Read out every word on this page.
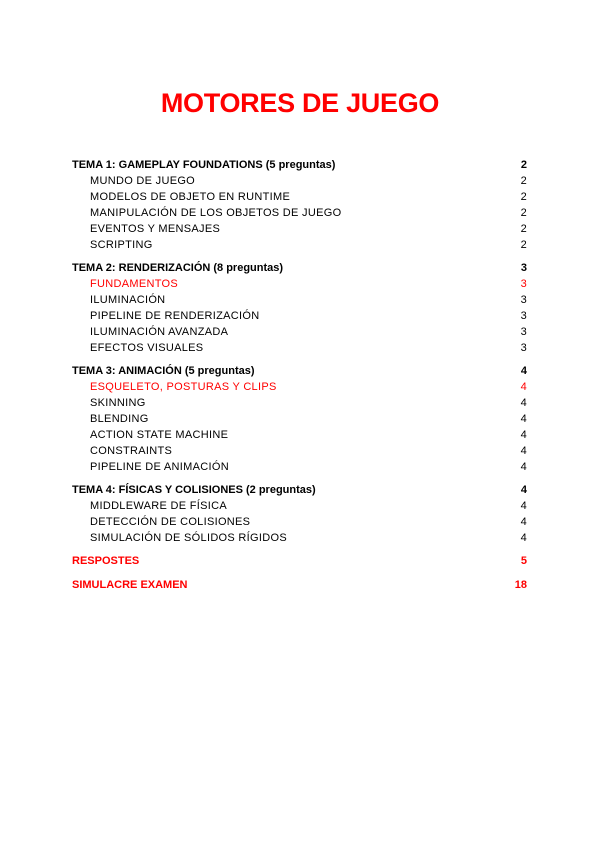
MOTORES DE JUEGO
TEMA 1: GAMEPLAY FOUNDATIONS (5 preguntas)	2
MUNDO DE JUEGO	2
MODELOS DE OBJETO EN RUNTIME	2
MANIPULACIÓN DE LOS OBJETOS DE JUEGO	2
EVENTOS Y MENSAJES	2
SCRIPTING	2
TEMA 2: RENDERIZACIÓN (8 preguntas)	3
FUNDAMENTOS	3
ILUMINACIÓN	3
PIPELINE DE RENDERIZACIÓN	3
ILUMINACIÓN AVANZADA	3
EFECTOS VISUALES	3
TEMA 3: ANIMACIÓN (5 preguntas)	4
ESQUELETO, POSTURAS Y CLIPS	4
SKINNING	4
BLENDING	4
ACTION STATE MACHINE	4
CONSTRAINTS	4
PIPELINE DE ANIMACIÓN	4
TEMA 4: FÍSICAS Y COLISIONES (2 preguntas)	4
MIDDLEWARE DE FÍSICA	4
DETECCIÓN DE COLISIONES	4
SIMULACIÓN DE SÓLIDOS RÍGIDOS	4
RESPOSTES	5
SIMULACRE EXAMEN	18
